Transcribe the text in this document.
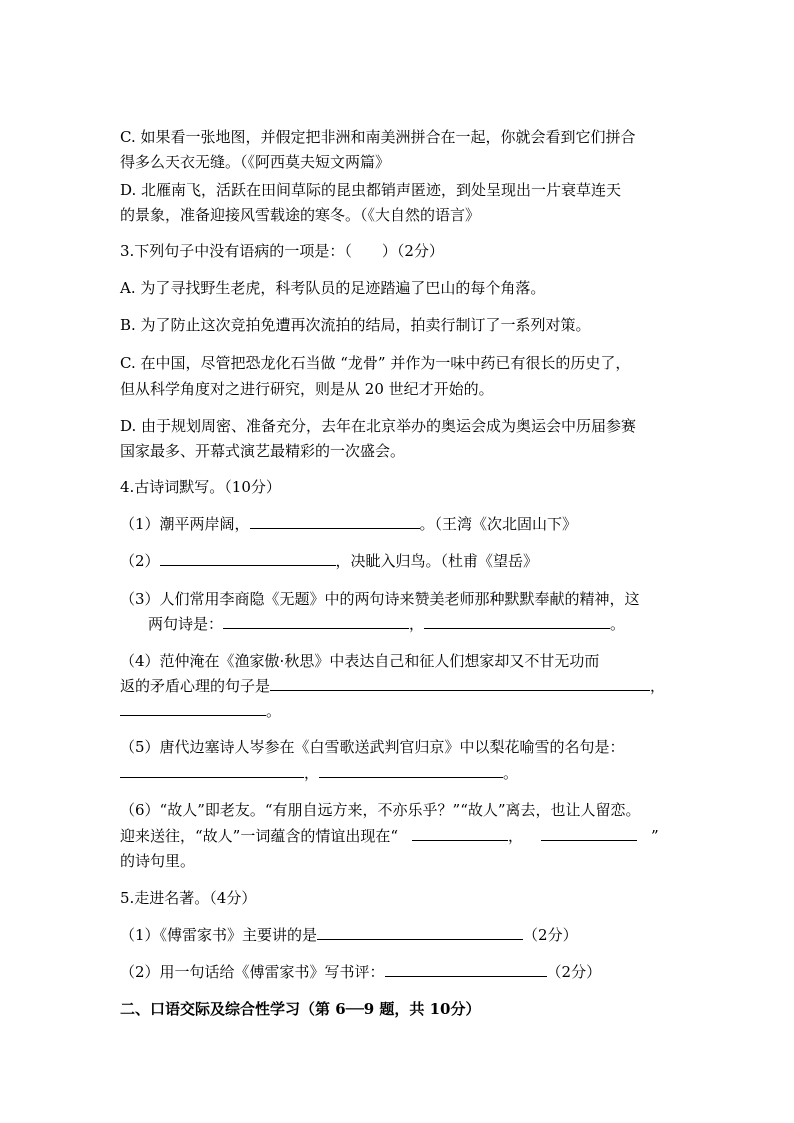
C. 如果看一张地图，并假定把非洲和南美洲拼合在一起，你就会看到它们拼合
得多么天衣无缝。（《阿西莫夫短文两篇》
D. 北雁南飞，活跃在田间草际的昆虫都销声匿迹，到处呈现出一片衰草连天
的景象，准备迎接风雪载途的寒冬。（《大自然的语言》
3.下列句子中没有语病的一项是：（　　）（2分）
A. 为了寻找野生老虎，科考队员的足迹踏遍了巴山的每个角落。
B. 为了防止这次竞拍免遭再次流拍的结局，拍卖行制订了一系列对策。
C. 在中国，尽管把恐龙化石当做 “龙骨” 并作为一味中药已有很长的历史了，
但从科学角度对之进行研究，则是从 20 世纪才开始的。
D. 由于规划周密、准备充分，去年在北京举办的奥运会成为奥运会中历届参赛
国家最多、开幕式演艺最精彩的一次盛会。
4.古诗词默写。（10分）
（1）潮平两岸阔，	。（王湾《次北固山下》
（2）	，决眦入归鸟。（杜甫《望岳》
（3）人们常用李商隐《无题》中的两句诗来赞美老师那种默默奉献的精神，这
两句诗是：	，	。
（4）范仲淹在《渔家傲·秋思》中表达自己和征人们想家却又不甘无功而
返的矛盾心理的句子是	，
。
（5）唐代边塞诗人岑参在《白雪歌送武判官归京》中以梨花喻雪的名句是：
，	。
（6）“故人”即老友。“有朋自远方来，不亦乐乎？”“故人”离去，也让人留恋。
迎来送往，“故人”一词蕴含的情谊出现在“	，	”
的诗句里。
5.走进名著。（4分）
（1）《傅雷家书》主要讲的是	（2分）
（2）用一句话给《傅雷家书》写书评：	（2分）
二、口语交际及综合性学习（第 6──9 题，共 10分）
